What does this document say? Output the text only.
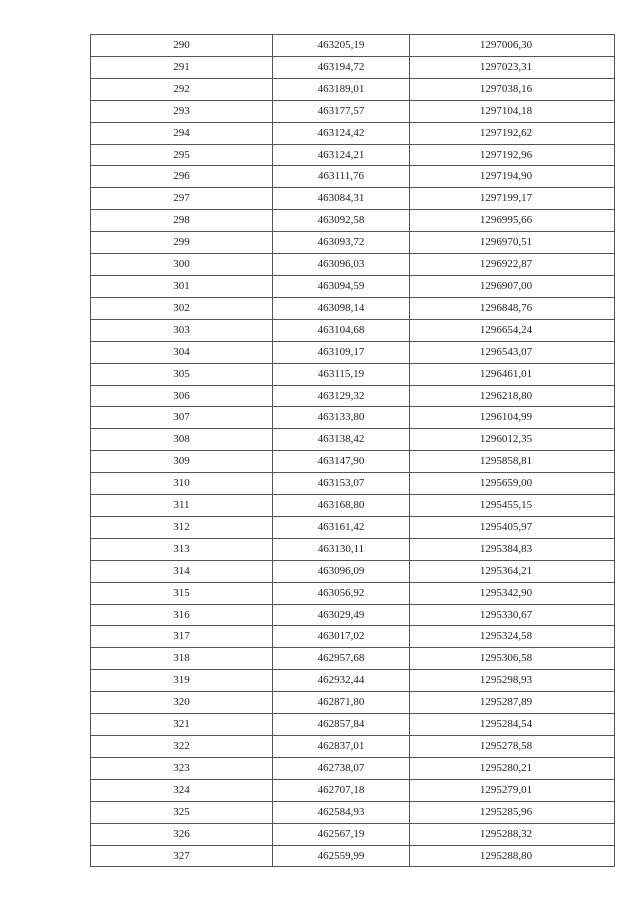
290	463205,19	1297006,30
291	463194,72	1297023,31
292	463189,01	1297038,16
293	463177,57	1297104,18
294	463124,42	1297192,62
295	463124,21	1297192,96
296	463111,76	1297194,90
297	463084,31	1297199,17
298	463092,58	1296995,66
299	463093,72	1296970,51
300	463096,03	1296922,87
301	463094,59	1296907,00
302	463098,14	1296848,76
303	463104,68	1296654,24
304	463109,17	1296543,07
305	463115,19	1296461,01
306	463129,32	1296218,80
307	463133,80	1296104,99
308	463138,42	1296012,35
309	463147,90	1295858,81
310	463153,07	1295659,00
311	463168,80	1295455,15
312	463161,42	1295405,97
313	463130,11	1295384,83
314	463096,09	1295364,21
315	463056,92	1295342,90
316	463029,49	1295330,67
317	463017,02	1295324,58
318	462957,68	1295306,58
319	462932,44	1295298,93
320	462871,80	1295287,89
321	462857,84	1295284,54
322	462837,01	1295278,58
323	462738,07	1295280,21
324	462707,18	1295279,01
325	462584,93	1295285,96
326	462567,19	1295288,32
327	462559,99	1295288,80
